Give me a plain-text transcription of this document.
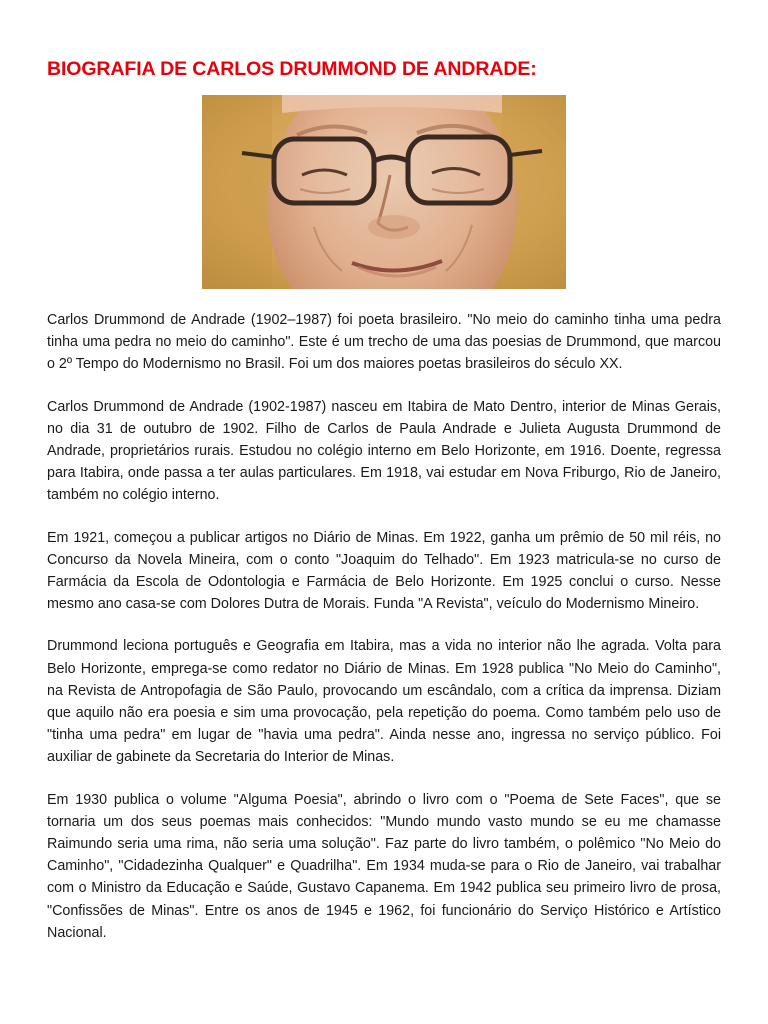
BIOGRAFIA DE CARLOS DRUMMOND DE ANDRADE:

Carlos Drummond de Andrade (1902–1987) foi poeta brasileiro. "No meio do caminho tinha uma pedra tinha uma pedra no meio do caminho". Este é um trecho de uma das poesias de Drummond, que marcou o 2º Tempo do Modernismo no Brasil. Foi um dos maiores poetas brasileiros do século XX.

Carlos Drummond de Andrade (1902-1987) nasceu em Itabira de Mato Dentro, interior de Minas Gerais, no dia 31 de outubro de 1902. Filho de Carlos de Paula Andrade e Julieta Augusta Drummond de Andrade, proprietários rurais. Estudou no colégio interno em Belo Horizonte, em 1916. Doente, regressa para Itabira, onde passa a ter aulas particulares. Em 1918, vai estudar em Nova Friburgo, Rio de Janeiro, também no colégio interno.

Em 1921, começou a publicar artigos no Diário de Minas. Em 1922, ganha um prêmio de 50 mil réis, no Concurso da Novela Mineira, com o conto "Joaquim do Telhado". Em 1923 matricula-se no curso de Farmácia da Escola de Odontologia e Farmácia de Belo Horizonte. Em 1925 conclui o curso. Nesse mesmo ano casa-se com Dolores Dutra de Morais. Funda "A Revista", veículo do Modernismo Mineiro.

Drummond leciona português e Geografia em Itabira, mas a vida no interior não lhe agrada. Volta para Belo Horizonte, emprega-se como redator no Diário de Minas. Em 1928 publica "No Meio do Caminho", na Revista de Antropofagia de São Paulo, provocando um escândalo, com a crítica da imprensa. Diziam que aquilo não era poesia e sim uma provocação, pela repetição do poema. Como também pelo uso de "tinha uma pedra" em lugar de "havia uma pedra". Ainda nesse ano, ingressa no serviço público. Foi auxiliar de gabinete da Secretaria do Interior de Minas.

Em 1930 publica o volume "Alguma Poesia", abrindo o livro com o "Poema de Sete Faces", que se tornaria um dos seus poemas mais conhecidos: "Mundo mundo vasto mundo se eu me chamasse Raimundo seria uma rima, não seria uma solução". Faz parte do livro também, o polêmico "No Meio do Caminho", "Cidadezinha Qualquer" e Quadrilha". Em 1934 muda-se para o Rio de Janeiro, vai trabalhar com o Ministro da Educação e Saúde, Gustavo Capanema. Em 1942 publica seu primeiro livro de prosa, "Confissões de Minas". Entre os anos de 1945 e 1962, foi funcionário do Serviço Histórico e Artístico Nacional.
